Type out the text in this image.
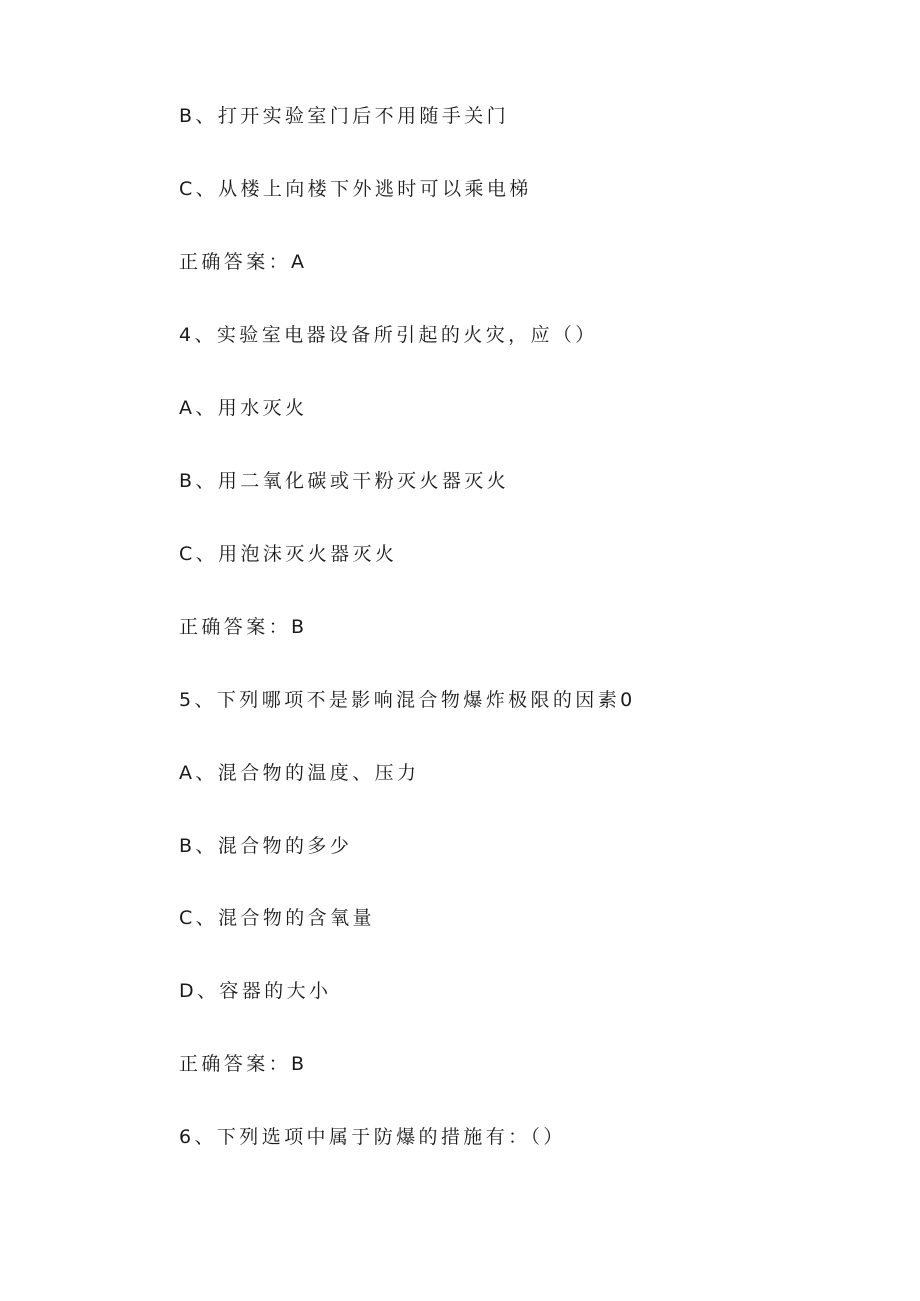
B、打开实验室门后不用随手关门
C、从楼上向楼下外逃时可以乘电梯
正确答案：A
4、实验室电器设备所引起的火灾，应（）
A、用水灭火
B、用二氧化碳或干粉灭火器灭火
C、用泡沫灭火器灭火
正确答案：B
5、下列哪项不是影响混合物爆炸极限的因素0
A、混合物的温度、压力
B、混合物的多少
C、混合物的含氧量
D、容器的大小
正确答案：B
6、下列选项中属于防爆的措施有：（）
